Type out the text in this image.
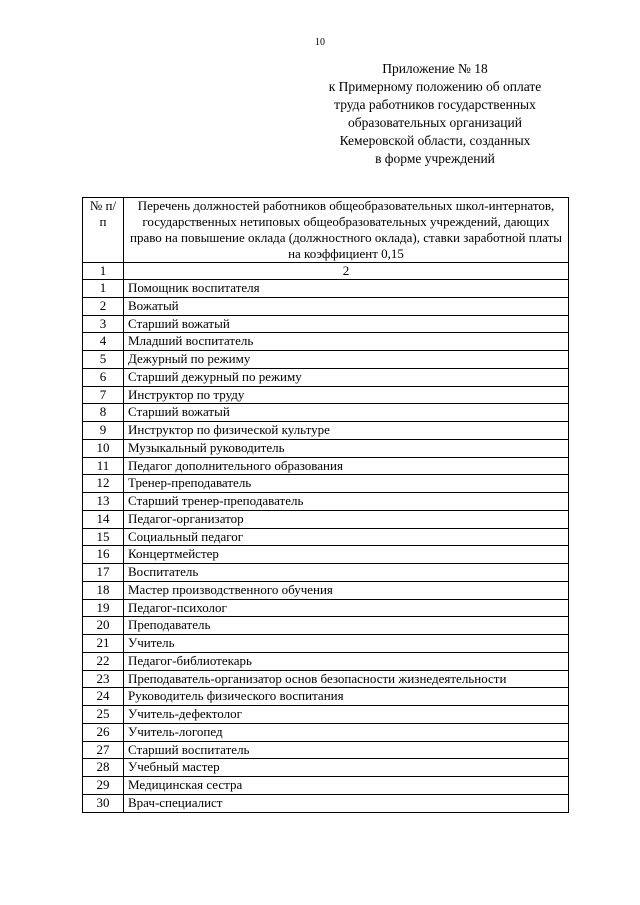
10
Приложение № 18
к Примерному положению об оплате
труда работников государственных
образовательных организаций
Кемеровской области, созданных
в форме учреждений
№ п/п	Перечень должностей работников общеобразовательных школ-интернатов, государственных нетиповых общеобразовательных учреждений, дающих право на повышение оклада (должностного оклада), ставки заработной платы на коэффициент 0,15
1	2
1	Помощник воспитателя
2	Вожатый
3	Старший вожатый
4	Младший воспитатель
5	Дежурный по режиму
6	Старший дежурный по режиму
7	Инструктор по труду
8	Старший вожатый
9	Инструктор по физической культуре
10	Музыкальный руководитель
11	Педагог дополнительного образования
12	Тренер-преподаватель
13	Старший тренер-преподаватель
14	Педагог-организатор
15	Социальный педагог
16	Концертмейстер
17	Воспитатель
18	Мастер производственного обучения
19	Педагог-психолог
20	Преподаватель
21	Учитель
22	Педагог-библиотекарь
23	Преподаватель-организатор основ безопасности жизнедеятельности
24	Руководитель физического воспитания
25	Учитель-дефектолог
26	Учитель-логопед
27	Старший воспитатель
28	Учебный мастер
29	Медицинская сестра
30	Врач-специалист
